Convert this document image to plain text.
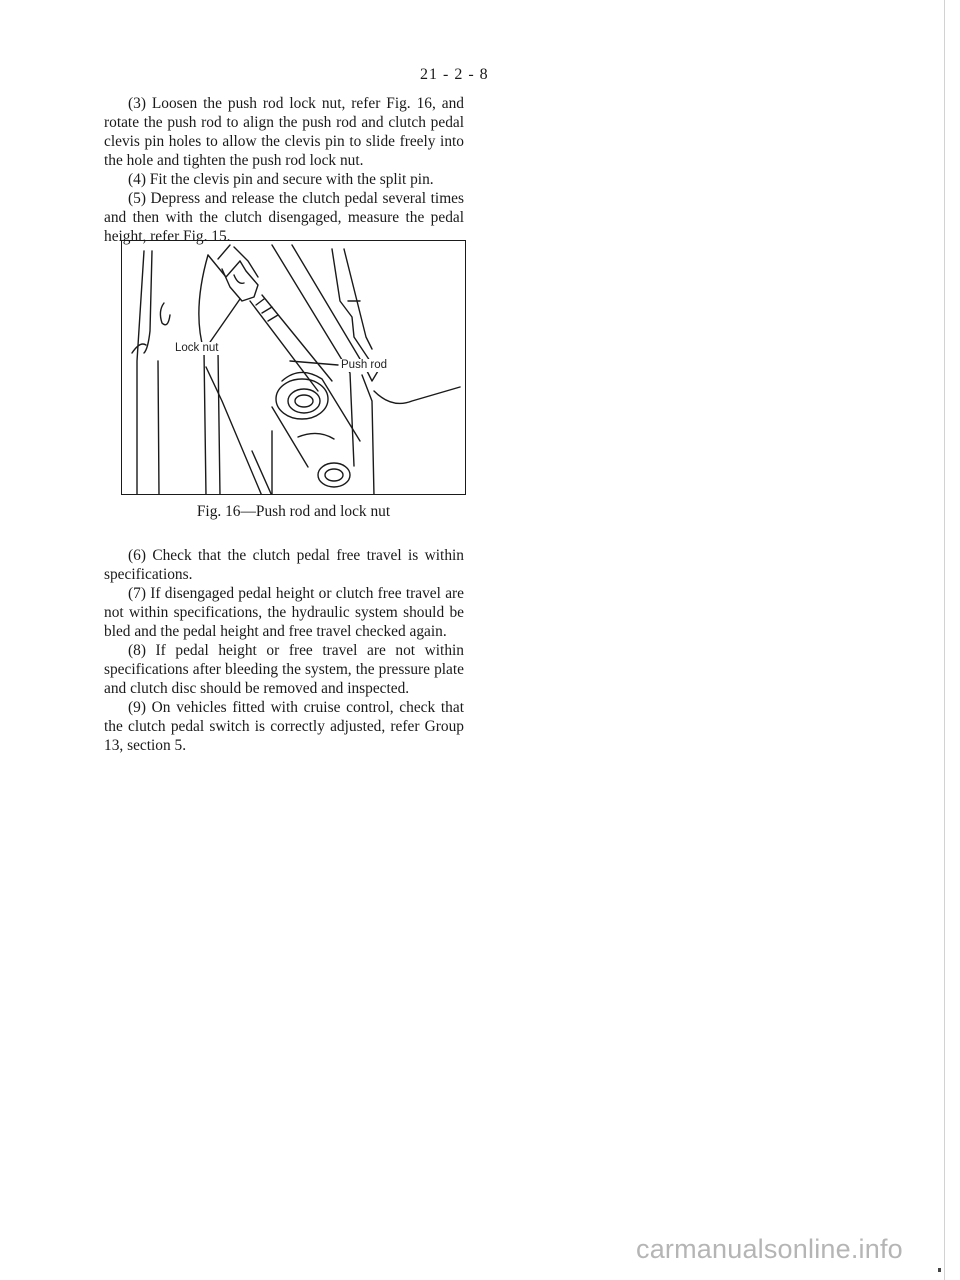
21 - 2 - 8

(3) Loosen the push rod lock nut, refer Fig. 16, and rotate the push rod to align the push rod and clutch pedal clevis pin holes to allow the clevis pin to slide freely into the hole and tighten the push rod lock nut.

(4) Fit the clevis pin and secure with the split pin.

(5) Depress and release the clutch pedal several times and then with the clutch disengaged, measure the pedal height, refer Fig. 15.

Lock nut
Push rod
Fig. 16—Push rod and lock nut

(6) Check that the clutch pedal free travel is within specifications.

(7) If disengaged pedal height or clutch free travel are not within specifications, the hydraulic system should be bled and the pedal height and free travel checked again.

(8) If pedal height or free travel are not within specifications after bleeding the system, the pressure plate and clutch disc should be removed and inspected.

(9) On vehicles fitted with cruise control, check that the clutch pedal switch is correctly adjusted, refer Group 13, section 5.

carmanualsonline.info
